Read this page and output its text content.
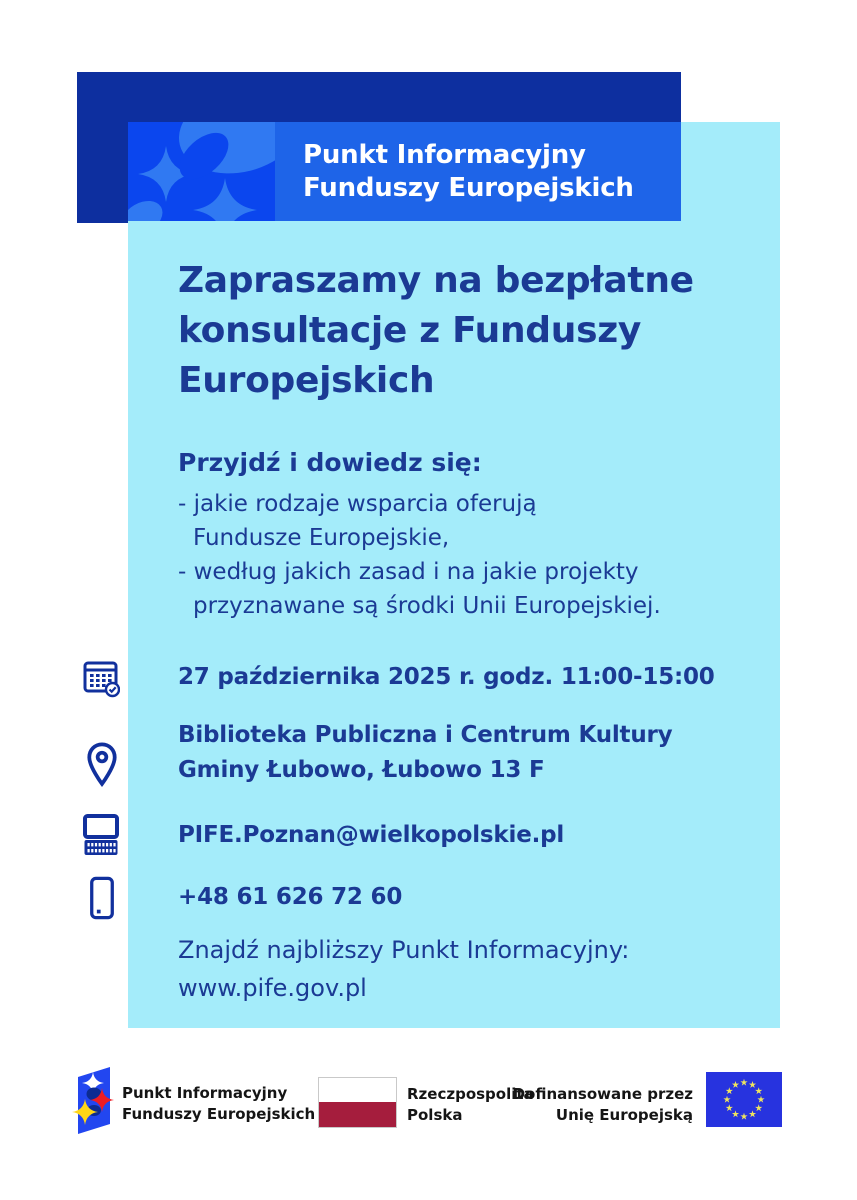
Punkt Informacyjny
Funduszy Europejskich
Zapraszamy na bezpłatne
konsultacje z Funduszy
Europejskich

Przyjdź i dowiedz się:

- jakie rodzaje wsparcia oferują
Fundusze Europejskie,

- według jakich zasad i na jakie projekty
przyznawane są środki Unii Europejskiej.

27 października 2025 r. godz. 11:00-15:00
Biblioteka Publiczna i Centrum Kultury
Gminy Łubowo, Łubowo 13 F
PIFE.Poznan@wielkopolskie.pl
+48 61 626 72 60
Znajdź najbliższy Punkt Informacyjny:
www.pife.gov.pl
Punkt Informacyjny
Funduszy Europejskich
Rzeczpospolita
Polska
Dofinansowane przez
Unię Europejską
